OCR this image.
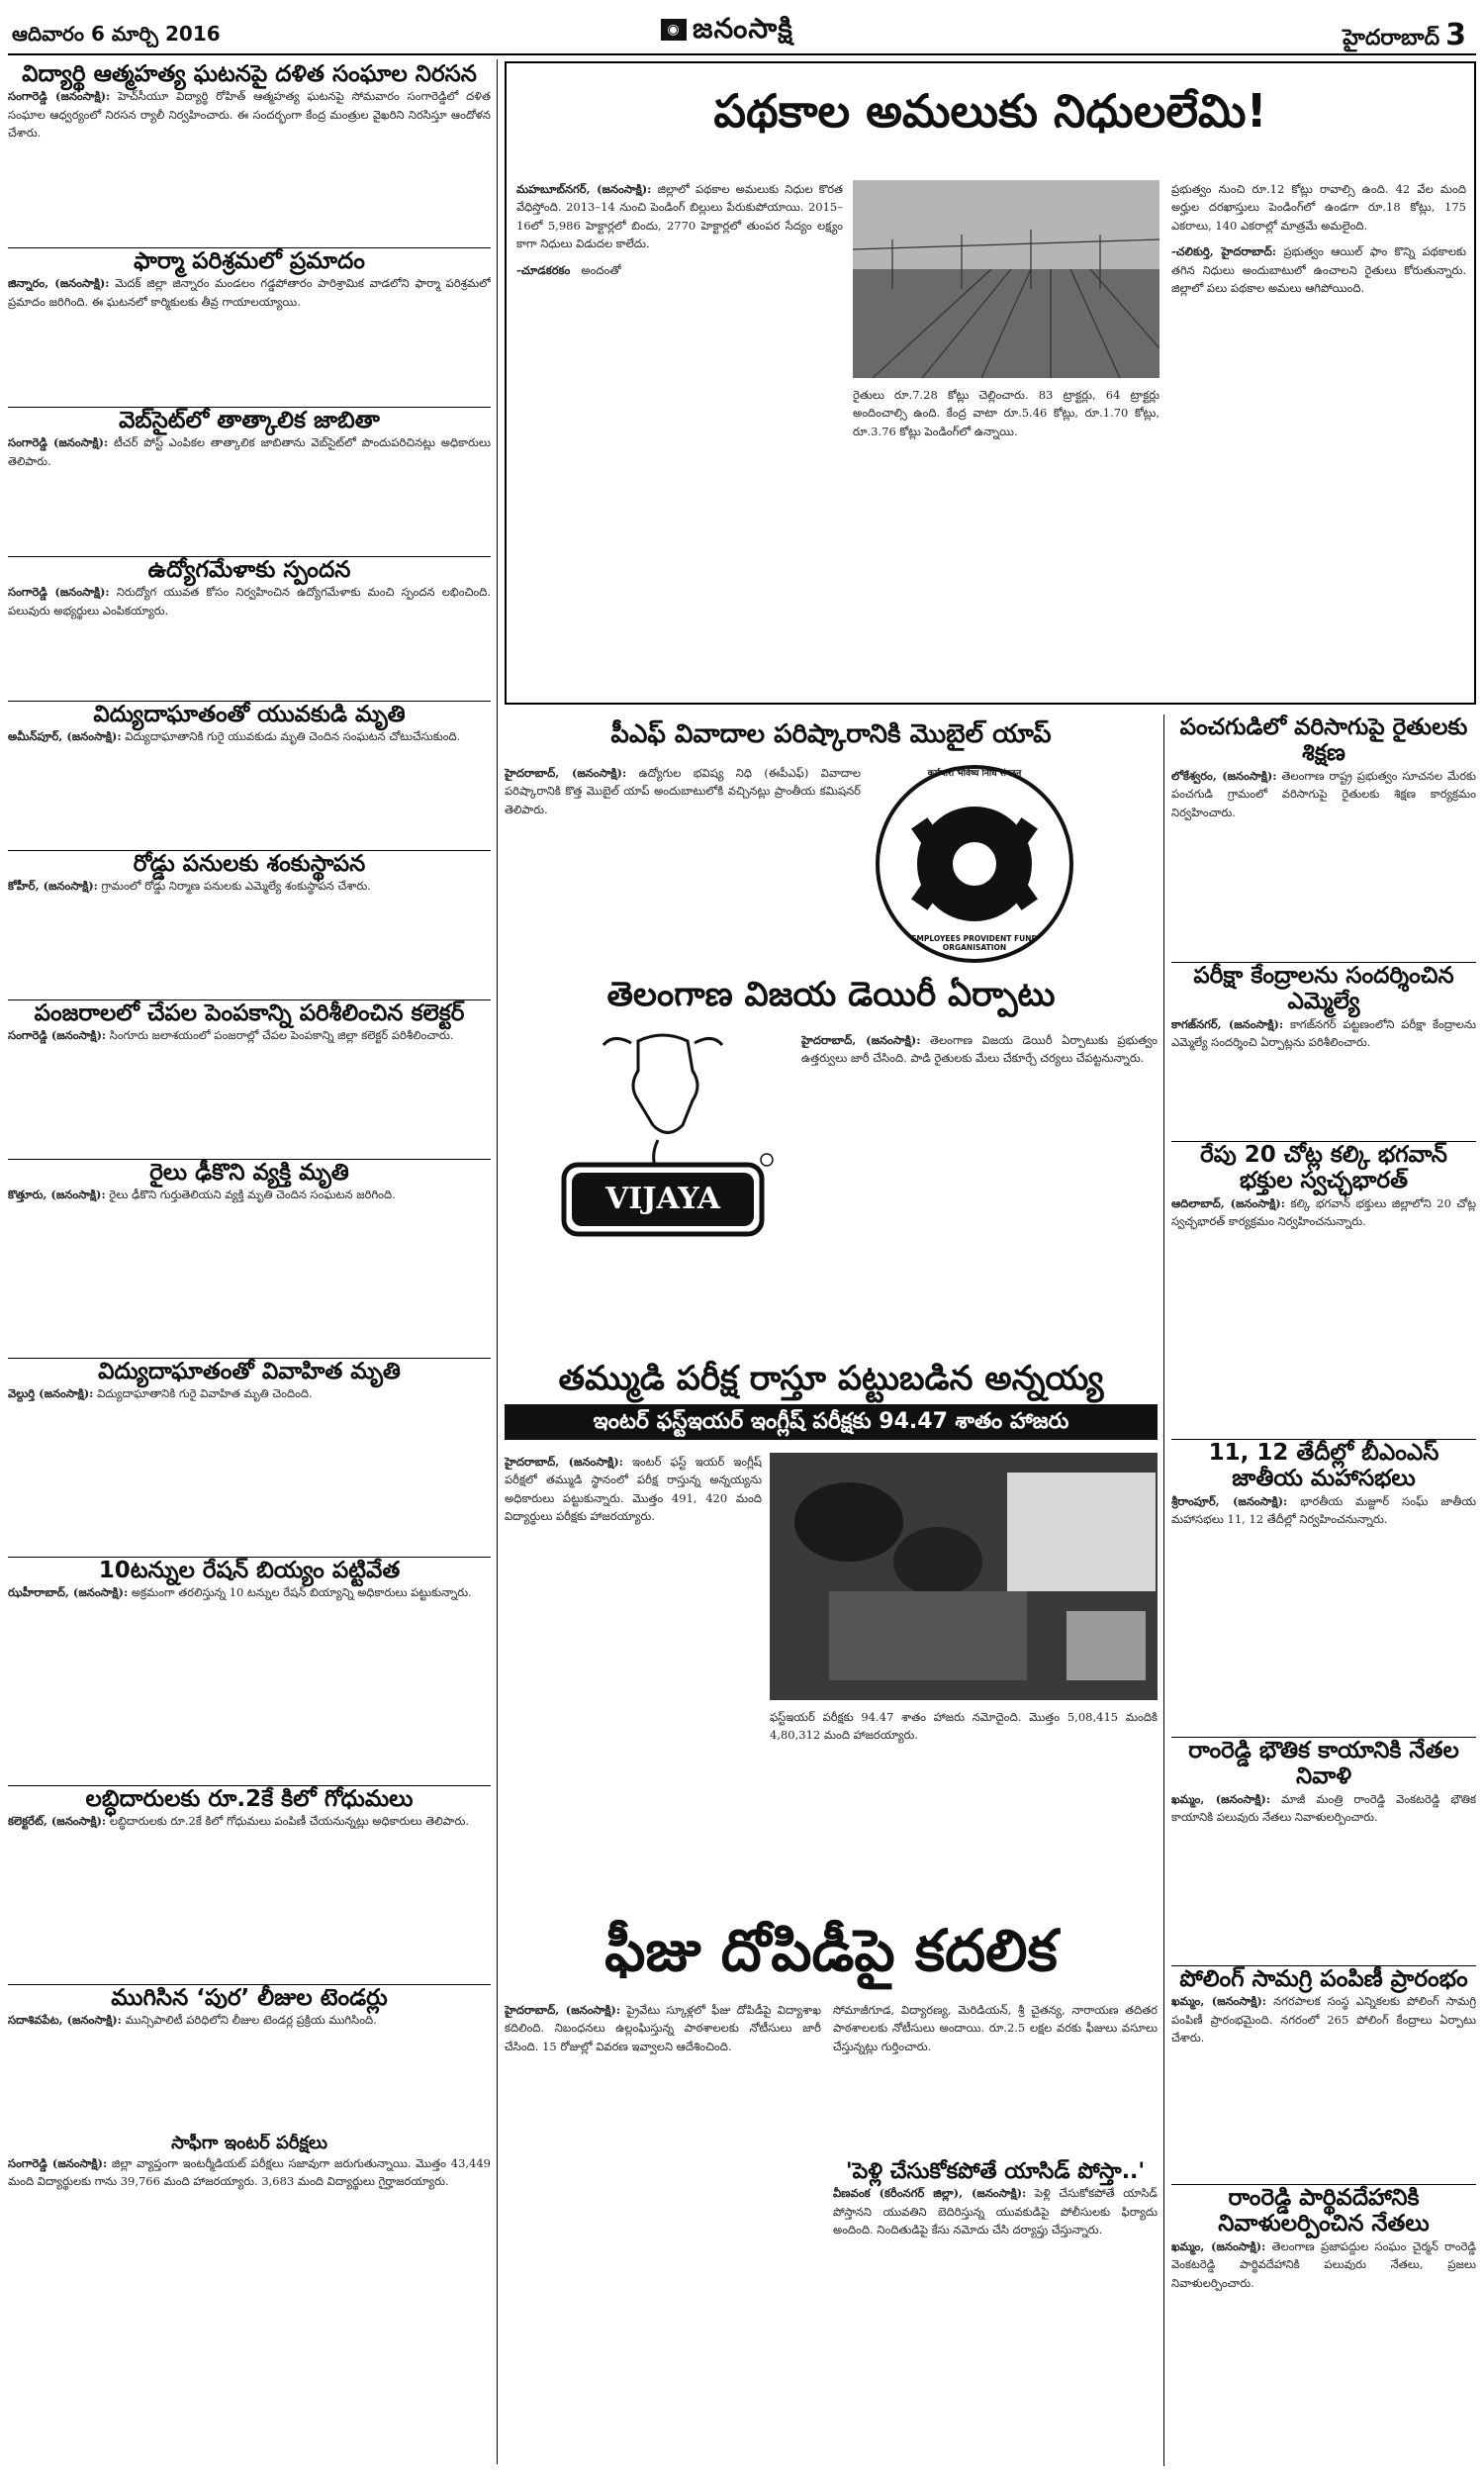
ఆదివారం 6 మార్చి 2016	◉ జనంసాక్షి	హైదరాబాద్ 3
విద్యార్థి ఆత్మహత్య ఘటనపై దళిత సంఘాల నిరసన
సంగారెడ్డి (జనంసాక్షి): హెచ్‌సీయూ విద్యార్థి రోహిత్ ఆత్మహత్య ఘటనపై సోమవారం సంగారెడ్డిలో దళిత సంఘాల ఆధ్వర్యంలో నిరసన ర్యాలీ నిర్వహించారు. ఈ సందర్భంగా కేంద్ర మంత్రుల వైఖరిని నిరసిస్తూ ఆందోళన చేశారు.
ఫార్మా పరిశ్రమలో ప్రమాదం
జిన్నారం, (జనంసాక్షి): మెదక్ జిల్లా జిన్నారం మండలం గడ్డపోతారం పారిశ్రామిక వాడలోని ఫార్మా పరిశ్రమలో ప్రమాదం జరిగింది. ఈ ఘటనలో కార్మికులకు తీవ్ర గాయాలయ్యాయి.
వెబ్‌సైట్‌లో తాత్కాలిక జాబితా
సంగారెడ్డి (జనంసాక్షి): టీచర్ పోస్ట్ ఎంపికల తాత్కాలిక జాబితాను వెబ్‌సైట్‌లో పొందుపరిచినట్లు అధికారులు తెలిపారు.
ఉద్యోగమేళాకు స్పందన
సంగారెడ్డి (జనంసాక్షి): నిరుద్యోగ యువత కోసం నిర్వహించిన ఉద్యోగమేళాకు మంచి స్పందన లభించింది. పలువురు అభ్యర్థులు ఎంపికయ్యారు.
విద్యుదాఘాతంతో యువకుడి మృతి
అమీన్‌పూర్, (జనంసాక్షి): విద్యుదాఘాతానికి గురై యువకుడు మృతి చెందిన సంఘటన చోటుచేసుకుంది.
రోడ్డు పనులకు శంకుస్థాపన
కోహీర్, (జనంసాక్షి): గ్రామంలో రోడ్డు నిర్మాణ పనులకు ఎమ్మెల్యే శంకుస్థాపన చేశారు.
పంజరాలలో చేపల పెంపకాన్ని పరిశీలించిన కలెక్టర్
సంగారెడ్డి (జనంసాక్షి): సింగూరు జలాశయంలో పంజరాల్లో చేపల పెంపకాన్ని జిల్లా కలెక్టర్ పరిశీలించారు.
రైలు ఢీకొని వ్యక్తి మృతి
కొత్తూరు, (జనంసాక్షి): రైలు ఢీకొని గుర్తుతెలియని వ్యక్తి మృతి చెందిన సంఘటన జరిగింది.
విద్యుదాఘాతంతో వివాహిత మృతి
వెల్దుర్తి (జనంసాక్షి): విద్యుదాఘాతానికి గురై వివాహిత మృతి చెందింది.
10టన్నుల రేషన్ బియ్యం పట్టివేత
ఝహీరాబాద్, (జనంసాక్షి): అక్రమంగా తరలిస్తున్న 10 టన్నుల రేషన్ బియ్యాన్ని అధికారులు పట్టుకున్నారు.
లబ్ధిదారులకు రూ.2కే కిలో గోధుమలు
కలెక్టరేట్, (జనంసాక్షి): లబ్ధిదారులకు రూ.2కే కిలో గోధుమలు పంపిణీ చేయనున్నట్లు అధికారులు తెలిపారు.
ముగిసిన ‘పుర’ లీజుల టెండర్లు
సదాశివపేట, (జనంసాక్షి): మున్సిపాలిటీ పరిధిలోని లీజుల టెండర్ల ప్రక్రియ ముగిసింది.
సాఫీగా ఇంటర్ పరీక్షలు
సంగారెడ్డి (జనంసాక్షి): జిల్లా వ్యాప్తంగా ఇంటర్మీడియట్ పరీక్షలు సజావుగా జరుగుతున్నాయి. మొత్తం 43,449 మంది విద్యార్థులకు గాను 39,766 మంది హాజరయ్యారు. 3,683 మంది విద్యార్థులు గైర్హాజరయ్యారు.
పథకాల అమలుకు నిధులలేమి!
మహబూబ్‌నగర్, (జనంసాక్షి): జిల్లాలో పథకాల అమలుకు నిధుల కొరత వేధిస్తోంది. 2013–14 నుంచి పెండింగ్ బిల్లులు పేరుకుపోయాయి. 2015–16లో 5,986 హెక్టార్లలో బిందు, 2770 హెక్టార్లలో తుంపర సేద్యం లక్ష్యం కాగా నిధులు విడుదల కాలేదు.
-చూడకరకం అందంతో
రైతులు రూ.7.28 కోట్లు చెల్లించారు. 83 ట్రాక్టర్లు, 64 ట్రాక్టర్లు అందించాల్సి ఉంది. కేంద్ర వాటా రూ.5.46 కోట్లు, రూ.1.70 కోట్లు, రూ.3.76 కోట్లు పెండింగ్‌లో ఉన్నాయి.
ప్రభుత్వం నుంచి రూ.12 కోట్లు రావాల్సి ఉంది. 42 వేల మంది అర్హుల దరఖాస్తులు పెండింగ్‌లో ఉండగా రూ.18 కోట్లు, 175 ఎకరాలు, 140 ఎకరాల్లో మాత్రమే అమలైంది.
-చలికుర్తి, హైదరాబాద్: ప్రభుత్వం ఆయిల్ ఫాం కొన్ని పథకాలకు తగిన నిధులు అందుబాటులో ఉంచాలని రైతులు కోరుతున్నారు. జిల్లాలో పలు పథకాల అమలు ఆగిపోయింది.
పీఎఫ్ వివాదాల పరిష్కారానికి మొబైల్ యాప్
హైదరాబాద్, (జనంసాక్షి): ఉద్యోగుల భవిష్య నిధి (ఈపీఎఫ్) వివాదాల పరిష్కారానికి కొత్త మొబైల్ యాప్ అందుబాటులోకి వచ్చినట్లు ప్రాంతీయ కమిషనర్ తెలిపారు.
कर्मचारी भविष्य निधि संगठन
EMPLOYEES PROVIDENT FUND ORGANISATION
తెలంగాణ విజయ డెయిరీ ఏర్పాటు
VIJAYA
హైదరాబాద్, (జనంసాక్షి): తెలంగాణ విజయ డెయిరీ ఏర్పాటుకు ప్రభుత్వం ఉత్తర్వులు జారీ చేసింది. పాడి రైతులకు మేలు చేకూర్చే చర్యలు చేపట్టనున్నారు.
తమ్ముడి పరీక్ష రాస్తూ పట్టుబడిన అన్నయ్య
ఇంటర్ ఫస్ట్‌ఇయర్ ఇంగ్లీష్ పరీక్షకు 94.47 శాతం హాజరు
హైదరాబాద్, (జనంసాక్షి): ఇంటర్ ఫస్ట్ ఇయర్ ఇంగ్లీష్ పరీక్షలో తమ్ముడి స్థానంలో పరీక్ష రాస్తున్న అన్నయ్యను అధికారులు పట్టుకున్నారు. మొత్తం 491, 420 మంది విద్యార్థులు పరీక్షకు హాజరయ్యారు.
ఫస్ట్‌ఇయర్ పరీక్షకు 94.47 శాతం హాజరు నమోదైంది. మొత్తం 5,08,415 మందికి 4,80,312 మంది హాజరయ్యారు.
ఫీజు దోపిడీపై కదలిక
హైదరాబాద్, (జనంసాక్షి): ప్రైవేటు స్కూళ్లలో ఫీజు దోపిడీపై విద్యాశాఖ కదిలింది. నిబంధనలు ఉల్లంఘిస్తున్న పాఠశాలలకు నోటీసులు జారీ చేసింది. 15 రోజుల్లో వివరణ ఇవ్వాలని ఆదేశించింది.
సోమాజీగూడ, విద్యారణ్య, మెరిడియన్, శ్రీ చైతన్య, నారాయణ తదితర పాఠశాలలకు నోటీసులు అందాయి. రూ.2.5 లక్షల వరకు ఫీజులు వసూలు చేస్తున్నట్లు గుర్తించారు.
'పెళ్లి చేసుకోకపోతే యాసిడ్ పోస్తా..'
వీణవంక (కరీంనగర్ జిల్లా), (జనంసాక్షి): పెళ్లి చేసుకోకపోతే యాసిడ్ పోస్తానని యువతిని బెదిరిస్తున్న యువకుడిపై పోలీసులకు ఫిర్యాదు అందింది. నిందితుడిపై కేసు నమోదు చేసి దర్యాప్తు చేస్తున్నారు.
పంచగుడిలో వరిసాగుపై రైతులకు శిక్షణ
లోకేశ్వరం, (జనంసాక్షి): తెలంగాణ రాష్ట్ర ప్రభుత్వం సూచనల మేరకు పంచగుడి గ్రామంలో వరిసాగుపై రైతులకు శిక్షణ కార్యక్రమం నిర్వహించారు.
పరీక్షా కేంద్రాలను సందర్శించిన ఎమ్మెల్యే
కాగజ్‌నగర్, (జనంసాక్షి): కాగజ్‌నగర్ పట్టణంలోని పరీక్షా కేంద్రాలను ఎమ్మెల్యే సందర్శించి ఏర్పాట్లను పరిశీలించారు.
రేపు 20 చోట్ల కల్కి భగవాన్ భక్తుల స్వచ్ఛభారత్
ఆదిలాబాద్, (జనంసాక్షి): కల్కి భగవాన్ భక్తులు జిల్లాలోని 20 చోట్ల స్వచ్ఛభారత్ కార్యక్రమం నిర్వహించనున్నారు.
11, 12 తేదీల్లో బీఎంఎస్ జాతీయ మహాసభలు
శ్రీరాంపూర్, (జనంసాక్షి): భారతీయ మజ్దూర్ సంఘ్ జాతీయ మహాసభలు 11, 12 తేదీల్లో నిర్వహించనున్నారు.
రాంరెడ్డి భౌతిక కాయానికి నేతల నివాళి
ఖమ్మం, (జనంసాక్షి): మాజీ మంత్రి రాంరెడ్డి వెంకటరెడ్డి భౌతిక కాయానికి పలువురు నేతలు నివాళులర్పించారు.
పోలింగ్ సామగ్రి పంపిణీ ప్రారంభం
ఖమ్మం, (జనంసాక్షి): నగరపాలక సంస్థ ఎన్నికలకు పోలింగ్ సామగ్రి పంపిణీ ప్రారంభమైంది. నగరంలో 265 పోలింగ్ కేంద్రాలు ఏర్పాటు చేశారు.
రాంరెడ్డి పార్థివదేహానికి నివాళులర్పించిన నేతలు
ఖమ్మం, (జనంసాక్షి): తెలంగాణ ప్రజాపద్దుల సంఘం చైర్మన్ రాంరెడ్డి వెంకటరెడ్డి పార్థివదేహానికి పలువురు నేతలు, ప్రజలు నివాళులర్పించారు.
